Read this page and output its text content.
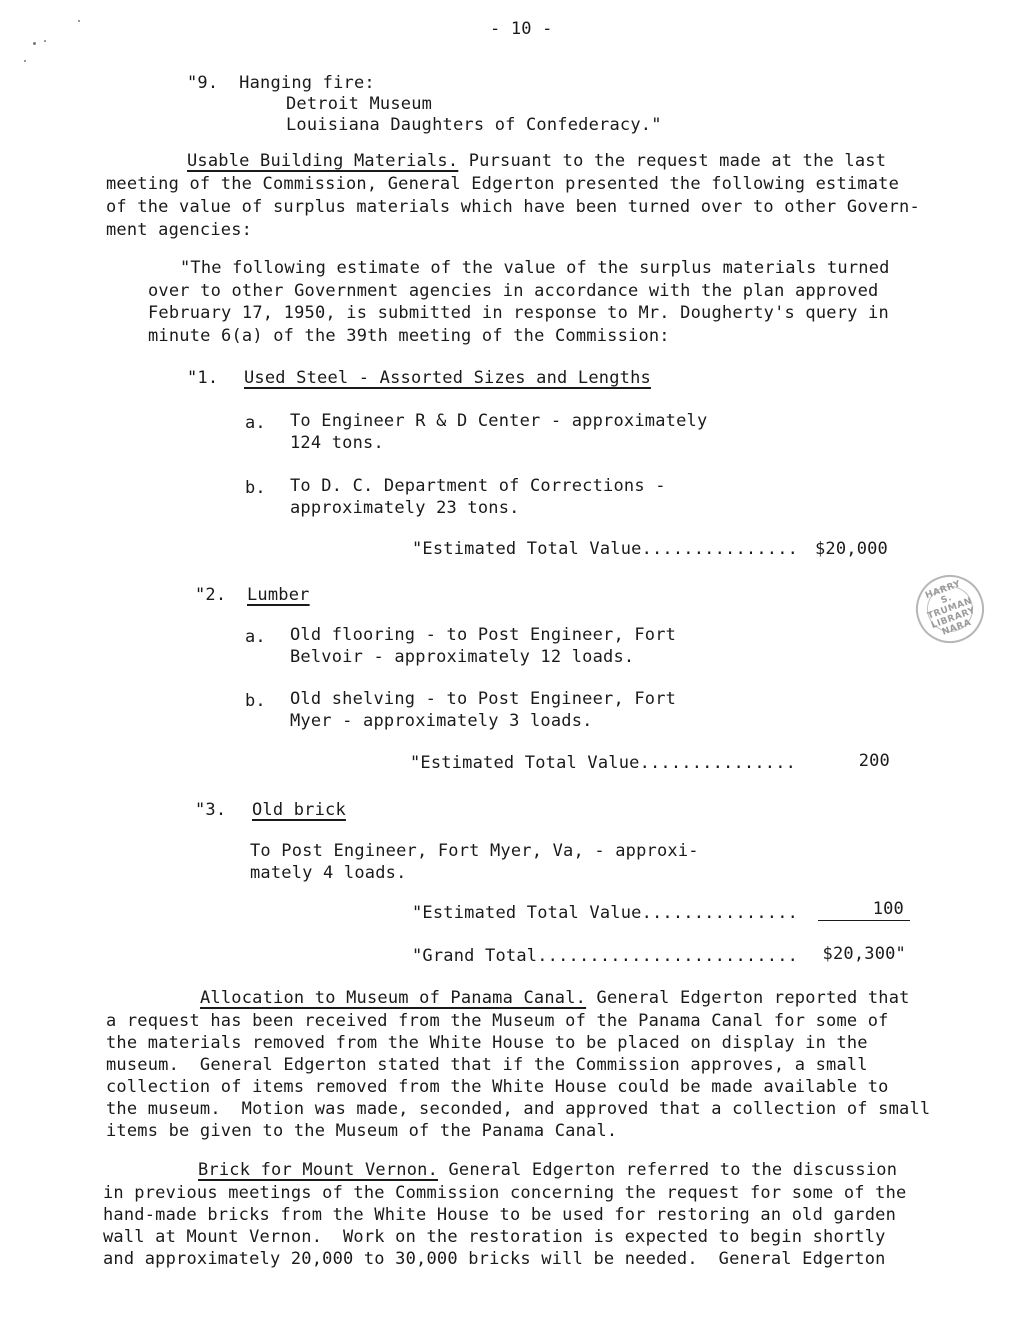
- 10 -
"9.  Hanging fire:
Detroit Museum
Louisiana Daughters of Confederacy."
Usable Building Materials. Pursuant to the request made at the last
meeting of the Commission, General Edgerton presented the following estimate
of the value of surplus materials which have been turned over to other Govern-
ment agencies:
"The following estimate of the value of the surplus materials turned
over to other Government agencies in accordance with the plan approved
February 17, 1950, is submitted in response to Mr. Dougherty's query in
minute 6(a) of the 39th meeting of the Commission:
"1. Used Steel - Assorted Sizes and Lengths
a. To Engineer R & D Center - approximately
124 tons.
b. To D. C. Department of Corrections -
approximately 23 tons.
"Estimated Total Value............... $20,000
"2. Lumber
a. Old flooring - to Post Engineer, Fort
Belvoir - approximately 12 loads.
b. Old shelving - to Post Engineer, Fort
Myer - approximately 3 loads.
"Estimated Total Value...............	200
"3. Old brick
To Post Engineer, Fort Myer, Va, - approxi-
mately 4 loads.
"Estimated Total Value...............	100
"Grand Total.........................	$20,300"
Allocation to Museum of Panama Canal. General Edgerton reported that
a request has been received from the Museum of the Panama Canal for some of
the materials removed from the White House to be placed on display in the
museum.  General Edgerton stated that if the Commission approves, a small
collection of items removed from the White House could be made available to
the museum.  Motion was made, seconded, and approved that a collection of small
items be given to the Museum of the Panama Canal.
Brick for Mount Vernon. General Edgerton referred to the discussion
in previous meetings of the Commission concerning the request for some of the
hand-made bricks from the White House to be used for restoring an old garden
wall at Mount Vernon.  Work on the restoration is expected to begin shortly
and approximately 20,000 to 30,000 bricks will be needed.  General Edgerton
HARRY S. TRUMAN LIBRARY NARA
